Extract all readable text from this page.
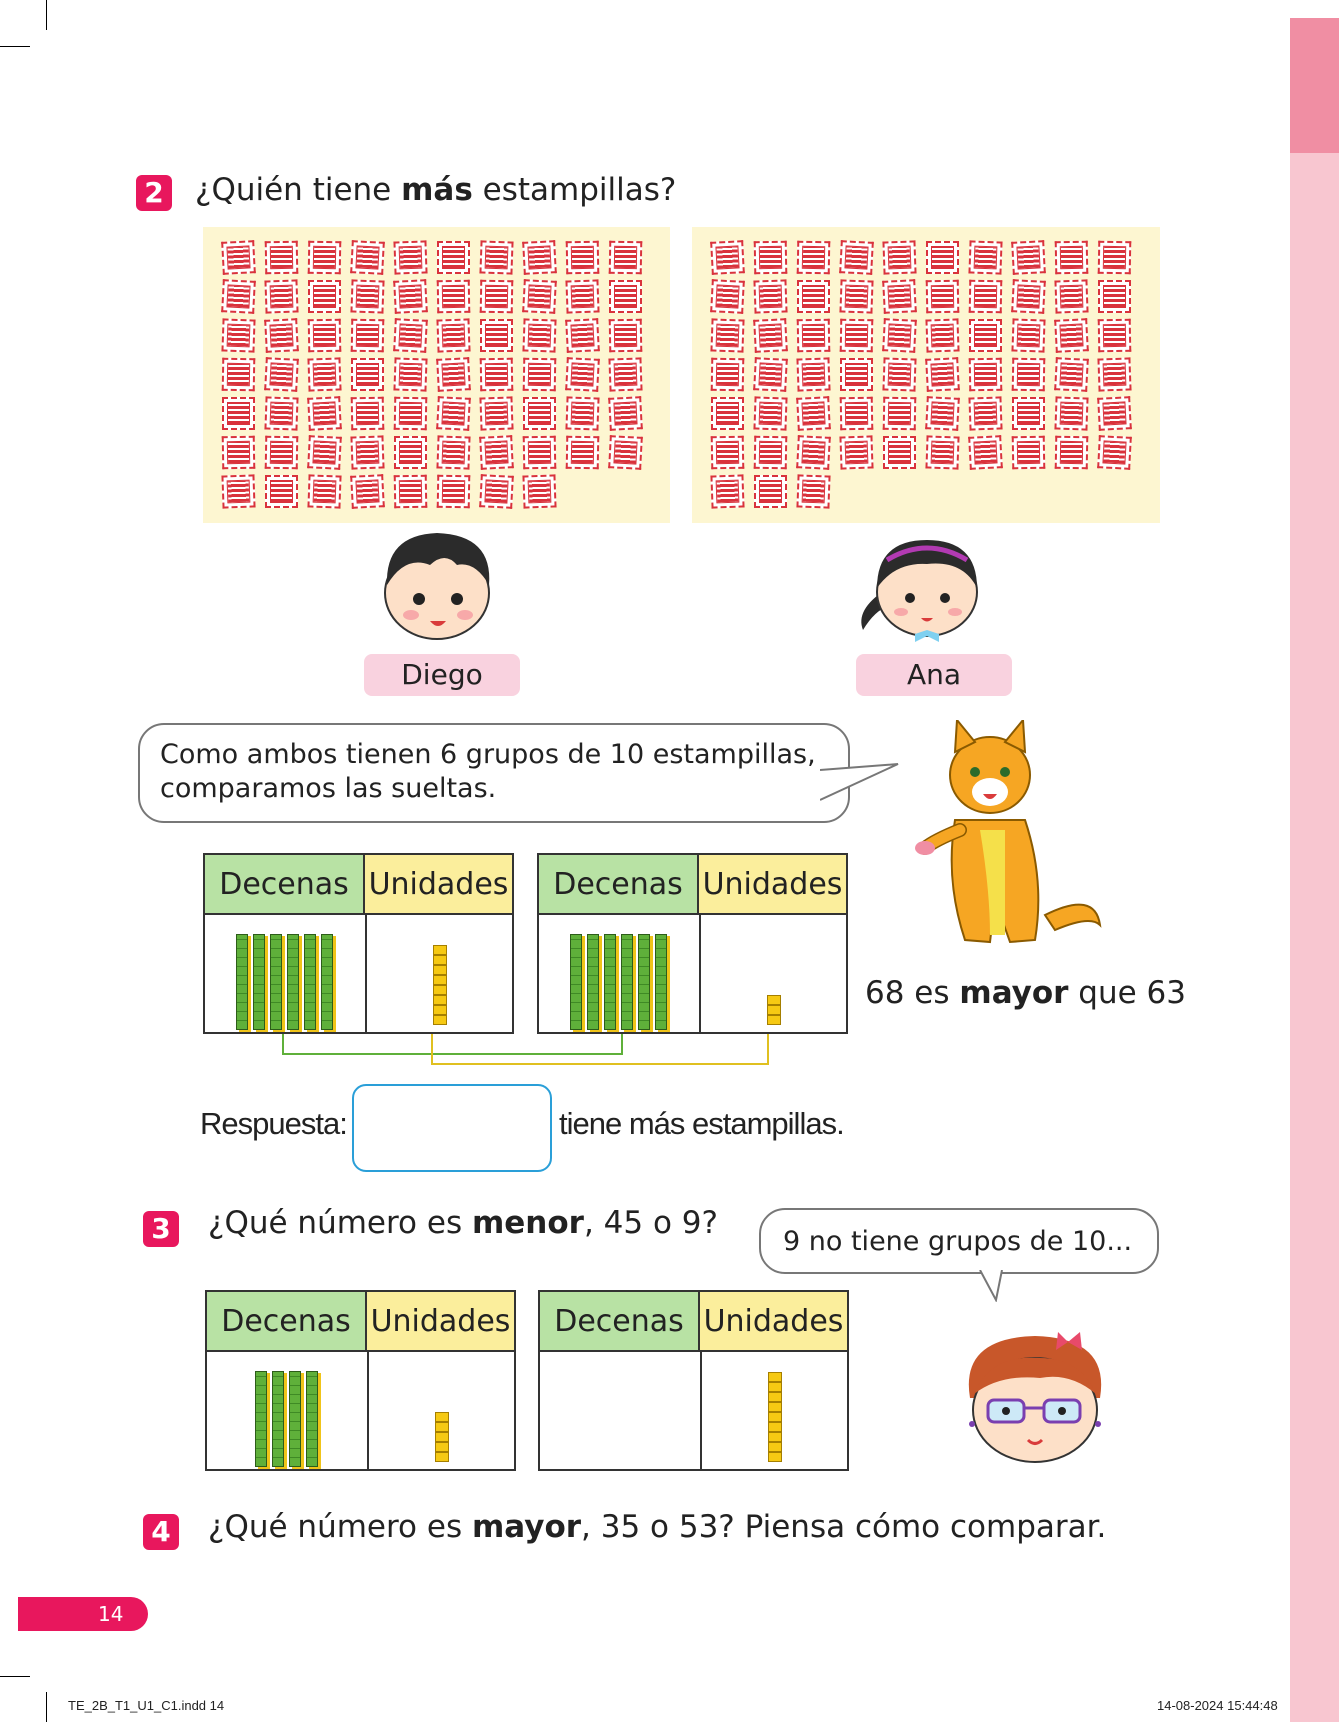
2 ¿Quién tiene más estampillas?
Diego	Ana
Como ambos tienen 6 grupos de 10 estampillas,
comparamos las sueltas.
Decenas Unidades	Decenas Unidades
68 es mayor que 63
Respuesta:	tiene más estampillas.
3 ¿Qué número es menor, 45 o 9?
9 no tiene grupos de 10...
Decenas Unidades	Decenas Unidades
4 ¿Qué número es mayor, 35 o 53? Piensa cómo comparar.
14
TE_2B_T1_U1_C1.indd 14	14-08-2024 15:44:48
